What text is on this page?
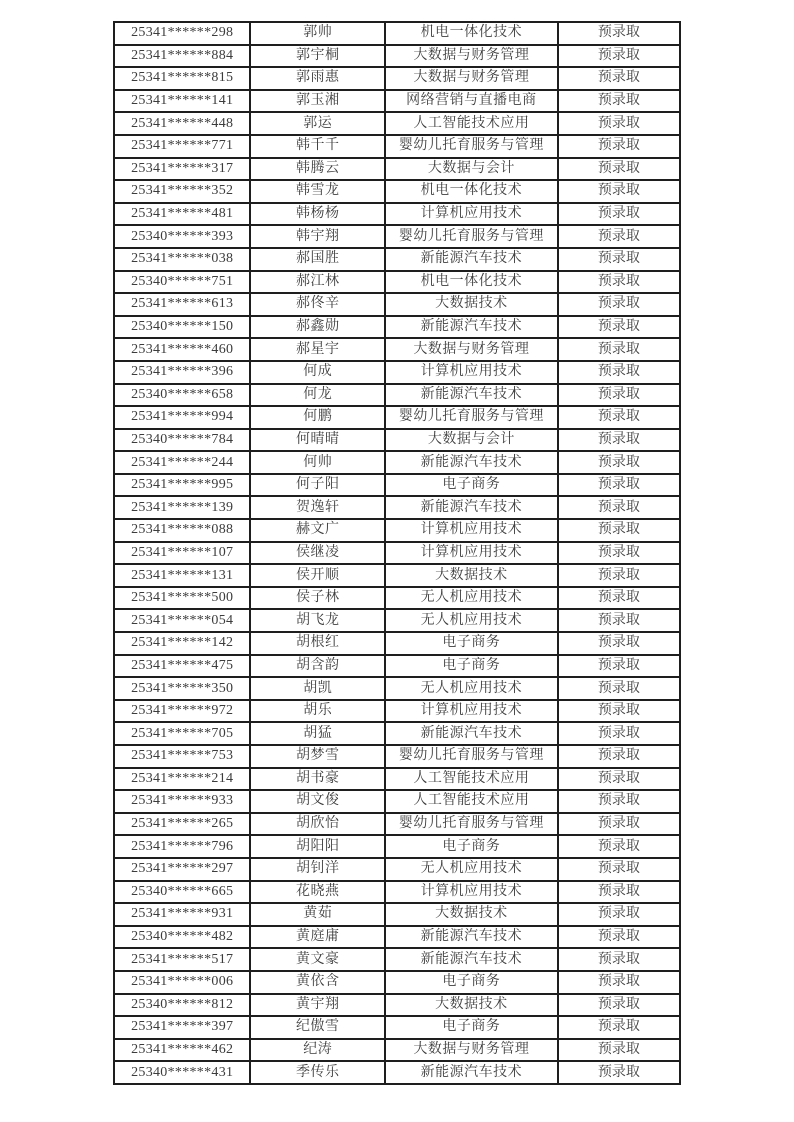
25341******298	郭帅	机电一体化技术	预录取
25341******884	郭宇桐	大数据与财务管理	预录取
25341******815	郭雨惠	大数据与财务管理	预录取
25341******141	郭玉湘	网络营销与直播电商	预录取
25341******448	郭运	人工智能技术应用	预录取
25341******771	韩千千	婴幼儿托育服务与管理	预录取
25341******317	韩腾云	大数据与会计	预录取
25341******352	韩雪龙	机电一体化技术	预录取
25341******481	韩杨杨	计算机应用技术	预录取
25340******393	韩宇翔	婴幼儿托育服务与管理	预录取
25341******038	郝国胜	新能源汽车技术	预录取
25340******751	郝江林	机电一体化技术	预录取
25341******613	郝佟辛	大数据技术	预录取
25340******150	郝鑫勋	新能源汽车技术	预录取
25341******460	郝星宇	大数据与财务管理	预录取
25341******396	何成	计算机应用技术	预录取
25340******658	何龙	新能源汽车技术	预录取
25341******994	何鹏	婴幼儿托育服务与管理	预录取
25340******784	何晴晴	大数据与会计	预录取
25341******244	何帅	新能源汽车技术	预录取
25341******995	何子阳	电子商务	预录取
25341******139	贺逸轩	新能源汽车技术	预录取
25341******088	赫文广	计算机应用技术	预录取
25341******107	侯继凌	计算机应用技术	预录取
25341******131	侯开顺	大数据技术	预录取
25341******500	侯子林	无人机应用技术	预录取
25341******054	胡飞龙	无人机应用技术	预录取
25341******142	胡根红	电子商务	预录取
25341******475	胡含韵	电子商务	预录取
25341******350	胡凯	无人机应用技术	预录取
25341******972	胡乐	计算机应用技术	预录取
25341******705	胡猛	新能源汽车技术	预录取
25341******753	胡梦雪	婴幼儿托育服务与管理	预录取
25341******214	胡书豪	人工智能技术应用	预录取
25341******933	胡文俊	人工智能技术应用	预录取
25341******265	胡欣怡	婴幼儿托育服务与管理	预录取
25341******796	胡阳阳	电子商务	预录取
25341******297	胡钊洋	无人机应用技术	预录取
25340******665	花晓燕	计算机应用技术	预录取
25341******931	黄茹	大数据技术	预录取
25340******482	黄庭庸	新能源汽车技术	预录取
25341******517	黄文豪	新能源汽车技术	预录取
25341******006	黄依含	电子商务	预录取
25340******812	黄宇翔	大数据技术	预录取
25341******397	纪傲雪	电子商务	预录取
25341******462	纪涛	大数据与财务管理	预录取
25340******431	季传乐	新能源汽车技术	预录取
